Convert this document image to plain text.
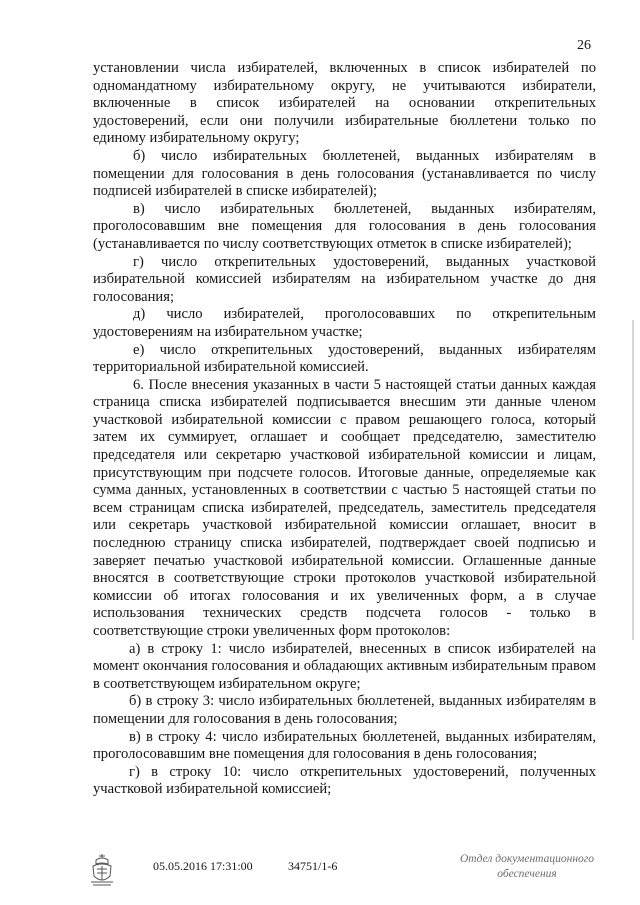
26

установлении числа избирателей, включенных в список избирателей по одномандатному избирательному округу, не учитываются избиратели, включенные в список избирателей на основании открепительных удостоверений, если они получили избирательные бюллетени только по единому избирательному округу;

б) число избирательных бюллетеней, выданных избирателям в помещении для голосования в день голосования (устанавливается по числу подписей избирателей в списке избирателей);

в) число избирательных бюллетеней, выданных избирателям, проголосовавшим вне помещения для голосования в день голосования (устанавливается по числу соответствующих отметок в списке избирателей);

г) число открепительных удостоверений, выданных участковой избирательной комиссией избирателям на избирательном участке до дня голосования;

д) число избирателей, проголосовавших по открепительным удостоверениям на избирательном участке;

е) число открепительных удостоверений, выданных избирателям территориальной избирательной комиссией.

6. После внесения указанных в части 5 настоящей статьи данных каждая страница списка избирателей подписывается внесшим эти данные членом участковой избирательной комиссии с правом решающего голоса, который затем их суммирует, оглашает и сообщает председателю, заместителю председателя или секретарю участковой избирательной комиссии и лицам, присутствующим при подсчете голосов. Итоговые данные, определяемые как сумма данных, установленных в соответствии с частью 5 настоящей статьи по всем страницам списка избирателей, председатель, заместитель председателя или секретарь участковой избирательной комиссии оглашает, вносит в последнюю страницу списка избирателей, подтверждает своей подписью и заверяет печатью участковой избирательной комиссии. Оглашенные данные вносятся в соответствующие строки протоколов участковой избирательной комиссии об итогах голосования и их увеличенных форм, а в случае использования технических средств подсчета голосов - только в соответствующие строки увеличенных форм протоколов:

а) в строку 1: число избирателей, внесенных в список избирателей на момент окончания голосования и обладающих активным избирательным правом в соответствующем избирательном округе;

б) в строку 3: число избирательных бюллетеней, выданных избирателям в помещении для голосования в день голосования;

в) в строку 4: число избирательных бюллетеней, выданных избирателям, проголосовавшим вне помещения для голосования в день голосования;

г) в строку 10: число открепительных удостоверений, полученных участковой избирательной комиссией;

05.05.2016 17:31:00	34751/1-6	Отдел документационного обеспечения
